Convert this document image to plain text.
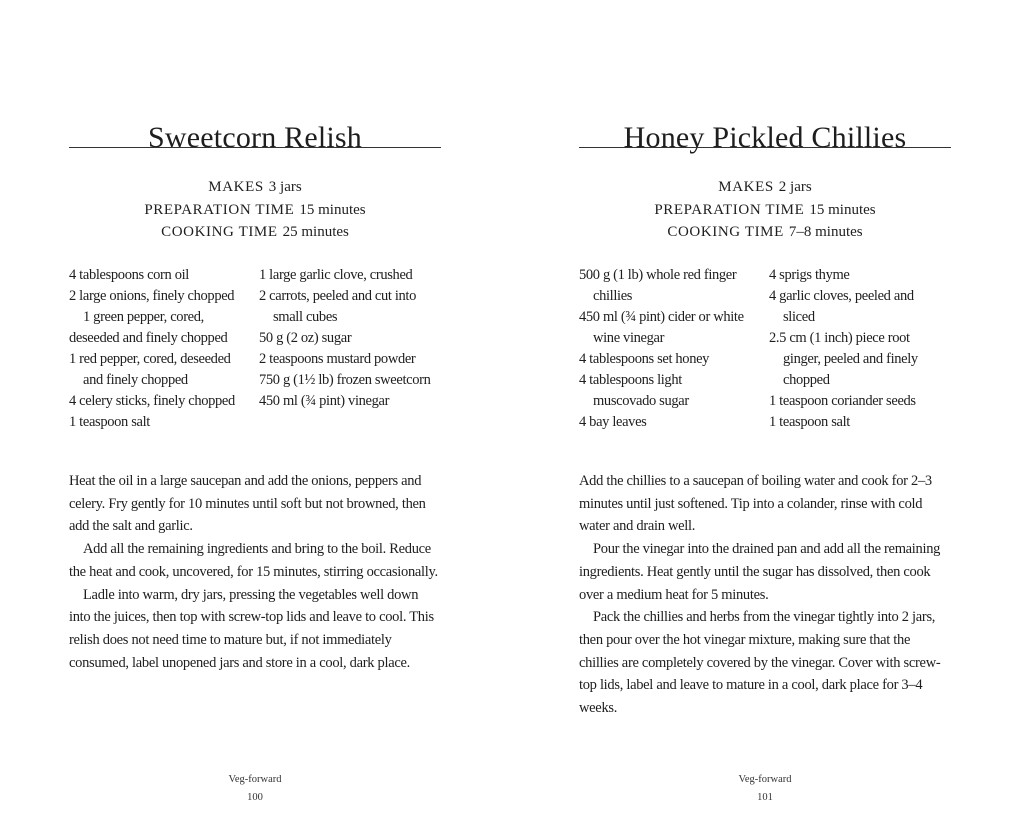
Sweetcorn Relish
MAKES 3 jars
PREPARATION TIME 15 minutes
COOKING TIME 25 minutes
4 tablespoons corn oil
2 large onions, finely chopped
1 green pepper, cored,
deseeded and finely chopped
1 red pepper, cored, deseeded
and finely chopped
4 celery sticks, finely chopped
1 teaspoon salt
1 large garlic clove, crushed
2 carrots, peeled and cut into
small cubes
50 g (2 oz) sugar
2 teaspoons mustard powder
750 g (1½ lb) frozen sweetcorn
450 ml (¾ pint) vinegar

Heat the oil in a large saucepan and add the onions, peppers and celery. Fry gently for 10 minutes until soft but not browned, then add the salt and garlic.

Add all the remaining ingredients and bring to the boil. Reduce the heat and cook, uncovered, for 15 minutes, stirring occasionally.

Ladle into warm, dry jars, pressing the vegetables well down into the juices, then top with screw-top lids and leave to cool. This relish does not need time to mature but, if not immediately consumed, label unopened jars and store in a cool, dark place.

Veg-forward
100
Honey Pickled Chillies
MAKES 2 jars
PREPARATION TIME 15 minutes
COOKING TIME 7–8 minutes
500 g (1 lb) whole red finger
chillies
450 ml (¾ pint) cider or white
wine vinegar
4 tablespoons set honey
4 tablespoons light
muscovado sugar
4 bay leaves
4 sprigs thyme
4 garlic cloves, peeled and
sliced
2.5 cm (1 inch) piece root
ginger, peeled and finely
chopped
1 teaspoon coriander seeds
1 teaspoon salt

Add the chillies to a saucepan of boiling water and cook for 2–3 minutes until just softened. Tip into a colander, rinse with cold water and drain well.

Pour the vinegar into the drained pan and add all the remaining ingredients. Heat gently until the sugar has dissolved, then cook over a medium heat for 5 minutes.

Pack the chillies and herbs from the vinegar tightly into 2 jars, then pour over the hot vinegar mixture, making sure that the chillies are completely covered by the vinegar. Cover with screw-top lids, label and leave to mature in a cool, dark place for 3–4 weeks.

Veg-forward
101
